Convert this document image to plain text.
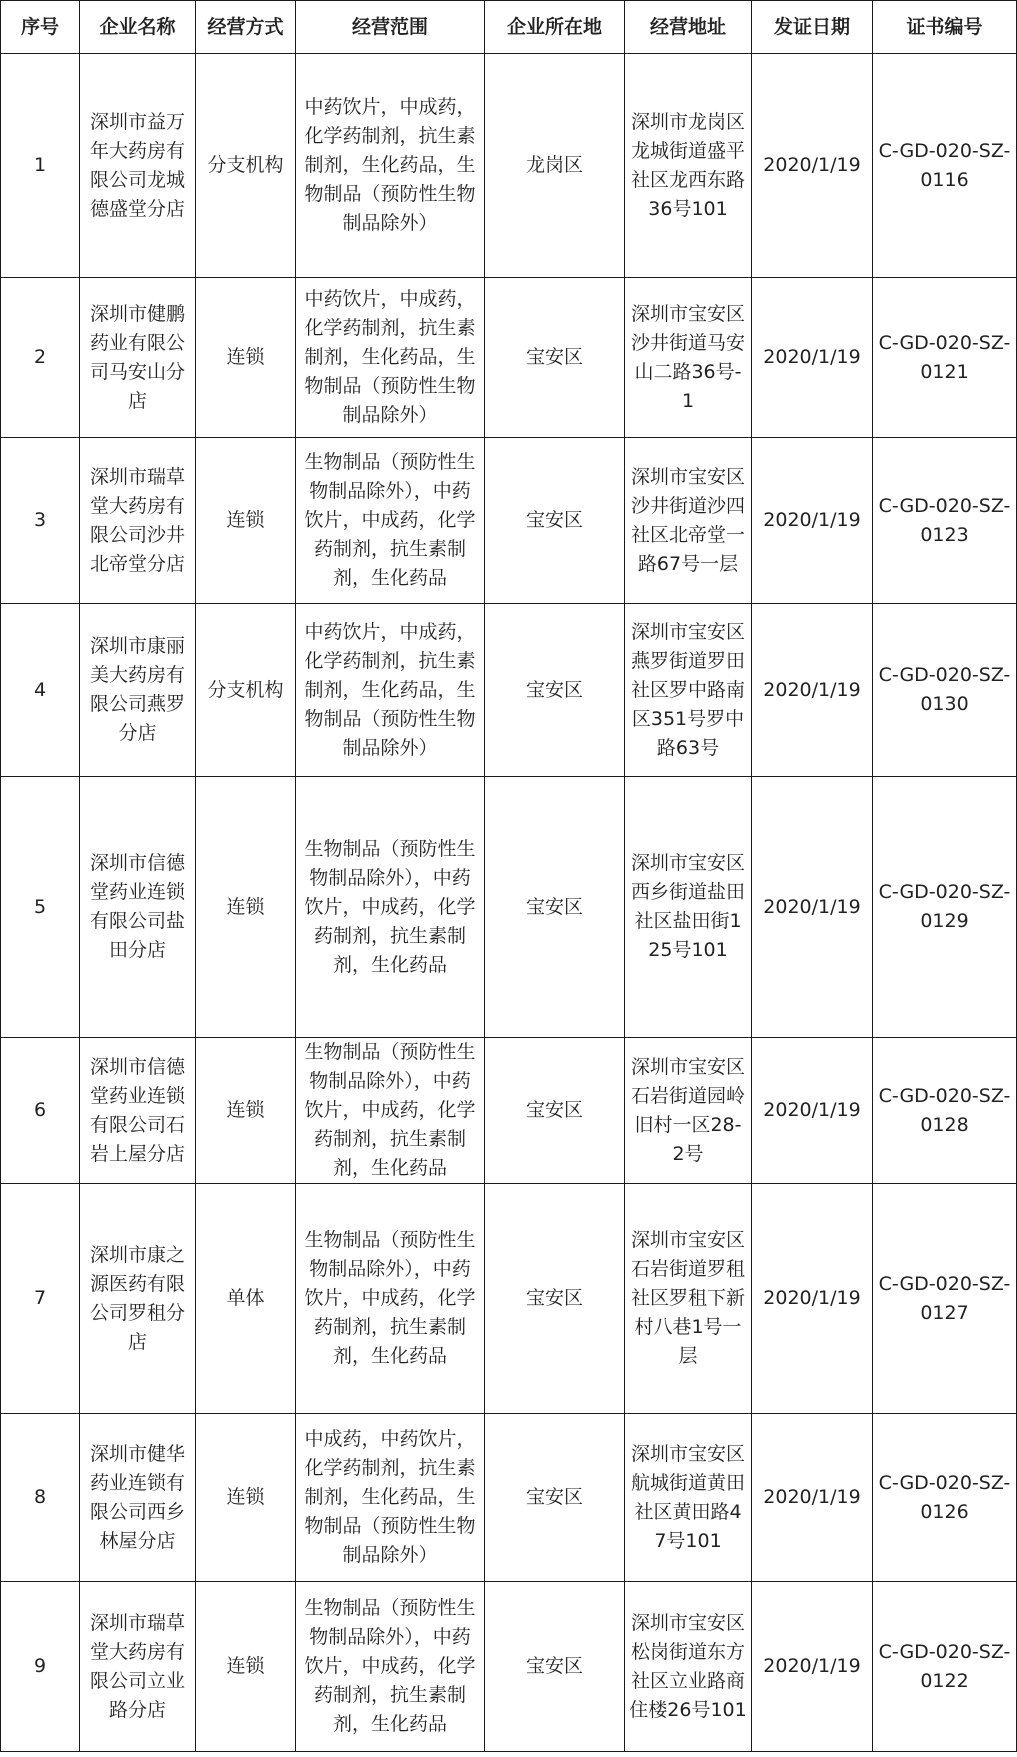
序号	企业名称	经营方式	经营范围	企业所在地	经营地址	发证日期	证书编号
1	深圳市益万年大药房有限公司龙城德盛堂分店	分支机构	中药饮片，中成药，化学药制剂，抗生素制剂，生化药品，生物制品（预防性生物制品除外）	龙岗区	深圳市龙岗区龙城街道盛平社区龙西东路36号101	2020/1/19	C-GD-020-SZ-0116
2	深圳市健鹏药业有限公司马安山分店	连锁	中药饮片，中成药，化学药制剂，抗生素制剂，生化药品，生物制品（预防性生物制品除外）	宝安区	深圳市宝安区沙井街道马安山二路36号-1	2020/1/19	C-GD-020-SZ-0121
3	深圳市瑞草堂大药房有限公司沙井北帝堂分店	连锁	生物制品（预防性生物制品除外），中药饮片，中成药，化学药制剂，抗生素制剂，生化药品	宝安区	深圳市宝安区沙井街道沙四社区北帝堂一路67号一层	2020/1/19	C-GD-020-SZ-0123
4	深圳市康丽美大药房有限公司燕罗分店	分支机构	中药饮片，中成药，化学药制剂，抗生素制剂，生化药品，生物制品（预防性生物制品除外）	宝安区	深圳市宝安区燕罗街道罗田社区罗中路南区351号罗中路63号	2020/1/19	C-GD-020-SZ-0130
5	深圳市信德堂药业连锁有限公司盐田分店	连锁	生物制品（预防性生物制品除外），中药饮片，中成药，化学药制剂，抗生素制剂，生化药品	宝安区	深圳市宝安区西乡街道盐田社区盐田街125号101	2020/1/19	C-GD-020-SZ-0129
6	深圳市信德堂药业连锁有限公司石岩上屋分店	连锁	生物制品（预防性生物制品除外），中药饮片，中成药，化学药制剂，抗生素制剂，生化药品	宝安区	深圳市宝安区石岩街道园岭旧村一区28-2号	2020/1/19	C-GD-020-SZ-0128
7	深圳市康之源医药有限公司罗租分店	单体	生物制品（预防性生物制品除外），中药饮片，中成药，化学药制剂，抗生素制剂，生化药品	宝安区	深圳市宝安区石岩街道罗租社区罗租下新村八巷1号一层	2020/1/19	C-GD-020-SZ-0127
8	深圳市健华药业连锁有限公司西乡林屋分店	连锁	中成药，中药饮片，化学药制剂，抗生素制剂，生化药品，生物制品（预防性生物制品除外）	宝安区	深圳市宝安区航城街道黄田社区黄田路47号101	2020/1/19	C-GD-020-SZ-0126
9	深圳市瑞草堂大药房有限公司立业路分店	连锁	生物制品（预防性生物制品除外），中药饮片，中成药，化学药制剂，抗生素制剂，生化药品	宝安区	深圳市宝安区松岗街道东方社区立业路商住楼26号101	2020/1/19	C-GD-020-SZ-0122
